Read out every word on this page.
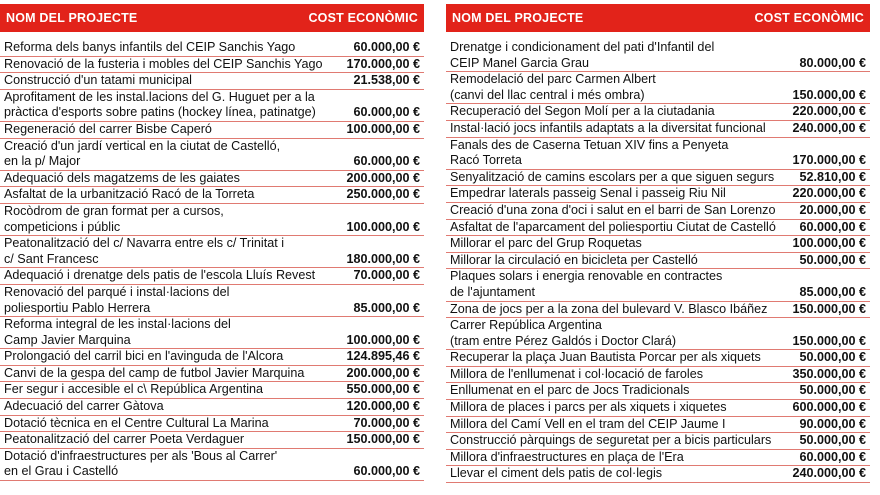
NOM DEL PROJECTE	COST ECONÒMIC
Reforma dels banys infantils del CEIP Sanchis Yago	60.000,00 €
Renovació de la fusteria i mobles del CEIP Sanchis Yago	170.000,00 €
Construcció d'un tatami municipal	21.538,00 €
Aprofitament de les instal.lacions del G. Huguet per a la
pràctica d'esports sobre patins (hockey línea, patinatge)	60.000,00 €
Regeneració del carrer Bisbe Caperó	100.000,00 €
Creació d'un jardí vertical en la ciutat de Castelló,
en la p/ Major	60.000,00 €
Adequació dels magatzems de les gaiates	200.000,00 €
Asfaltat de la urbanització Racó de la Torreta	250.000,00 €
Rocòdrom de gran format per a cursos,
competicions i públic	100.000,00 €
Peatonalització del c/ Navarra entre els c/ Trinitat i
c/ Sant Francesc	180.000,00 €
Adequació i drenatge dels patis de l'escola Lluís Revest	70.000,00 €
Renovació del parqué i instal·lacions del
poliesportiu Pablo Herrera	85.000,00 €
Reforma integral de les instal·lacions del
Camp Javier Marquina	100.000,00 €
Prolongació del carril bici en l'avinguda de l'Alcora	124.895,46 €
Canvi de la gespa del camp de futbol Javier Marquina	200.000,00 €
Fer segur i accesible el c\ República Argentina	550.000,00 €
Adecuació del carrer Gàtova	120.000,00 €
Dotació tècnica en el Centre Cultural La Marina	70.000,00 €
Peatonalització del carrer Poeta Verdaguer	150.000,00 €
Dotació d'infraestructures per als 'Bous al Carrer'
en el Grau i Castelló	60.000,00 €
NOM DEL PROJECTE	COST ECONÒMIC
Drenatge i condicionament del pati d'Infantil del
CEIP Manel Garcia Grau	80.000,00 €
Remodelació del parc Carmen Albert
(canvi del llac central i més ombra)	150.000,00 €
Recuperació del Segon Molí per a la ciutadania	220.000,00 €
Instal·lació jocs infantils adaptats a la diversitat funcional	240.000,00 €
Fanals des de Caserna Tetuan XIV fins a Penyeta
Racó Torreta	170.000,00 €
Senyalització de camins escolars per a que siguen segurs	52.810,00 €
Empedrar laterals passeig Senal i passeig Riu Nil	220.000,00 €
Creació d'una zona d'oci i salut en el barri de San Lorenzo	20.000,00 €
Asfaltat de l'aparcament del poliesportiu Ciutat de Castelló	60.000,00 €
Millorar el parc del Grup Roquetas	100.000,00 €
Millorar la circulació en bicicleta per Castelló	50.000,00 €
Plaques solars i energia renovable en contractes
de l'ajuntament	85.000,00 €
Zona de jocs per a la zona del bulevard V. Blasco Ibáñez	150.000,00 €
Carrer República Argentina
(tram entre Pérez Galdós i Doctor Clará)	150.000,00 €
Recuperar la plaça Juan Bautista Porcar per als xiquets	50.000,00 €
Millora de l'enllumenat i col·locació de faroles	350.000,00 €
Enllumenat en el parc de Jocs Tradicionals	50.000,00 €
Millora de places i parcs per als xiquets i xiquetes	600.000,00 €
Millora del Camí Vell en el tram del CEIP Jaume I	90.000,00 €
Construcció pàrquings de seguretat per a bicis particulars	50.000,00 €
Millora d'infraestructures en plaça de l'Era	60.000,00 €
Llevar el ciment dels patis de col·legis	240.000,00 €
